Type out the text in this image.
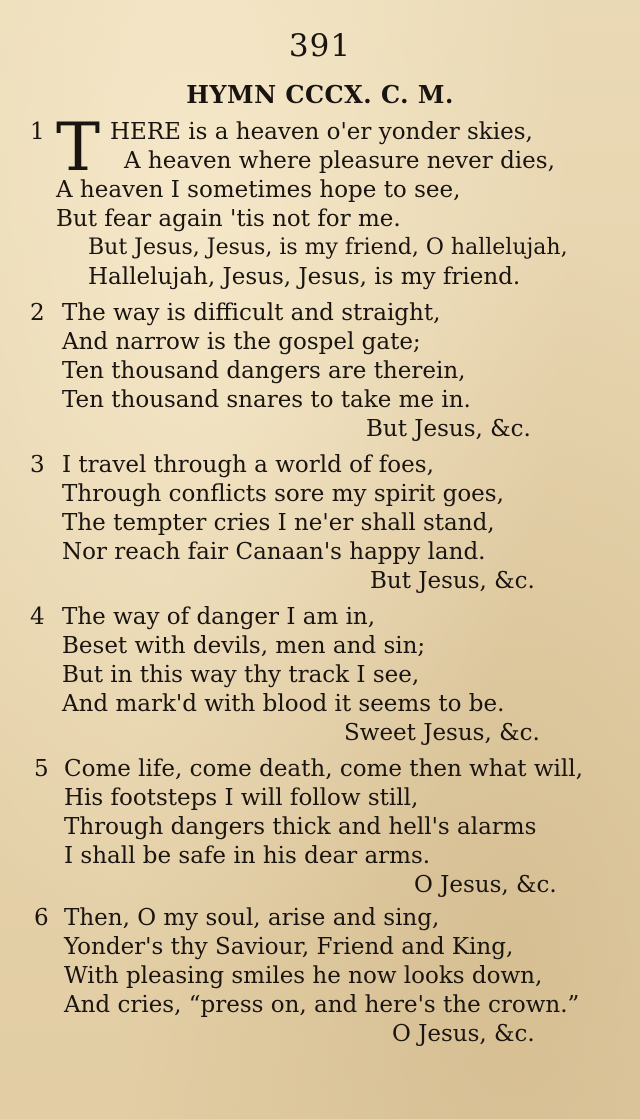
391
HYMN CCCX. C. M.
1 T HERE is a heaven o'er yonder skies,
A heaven where pleasure never dies,
A heaven I sometimes hope to see,
But fear again 'tis not for me.
But Jesus, Jesus, is my friend, O hallelujah,
Hallelujah, Jesus, Jesus, is my friend.
2 The way is difficult and straight,
And narrow is the gospel gate;
Ten thousand dangers are therein,
Ten thousand snares to take me in.
But Jesus, &c.
3 I travel through a world of foes,
Through conflicts sore my spirit goes,
The tempter cries I ne'er shall stand,
Nor reach fair Canaan's happy land.
But Jesus, &c.
4 The way of danger I am in,
Beset with devils, men and sin;
But in this way thy track I see,
And mark'd with blood it seems to be.
Sweet Jesus, &c.
5 Come life, come death, come then what will,
His footsteps I will follow still,
Through dangers thick and hell's alarms
I shall be safe in his dear arms.
O Jesus, &c.
6 Then, O my soul, arise and sing,
Yonder's thy Saviour, Friend and King,
With pleasing smiles he now looks down,
And cries, “press on, and here's the crown.”
O Jesus, &c.
